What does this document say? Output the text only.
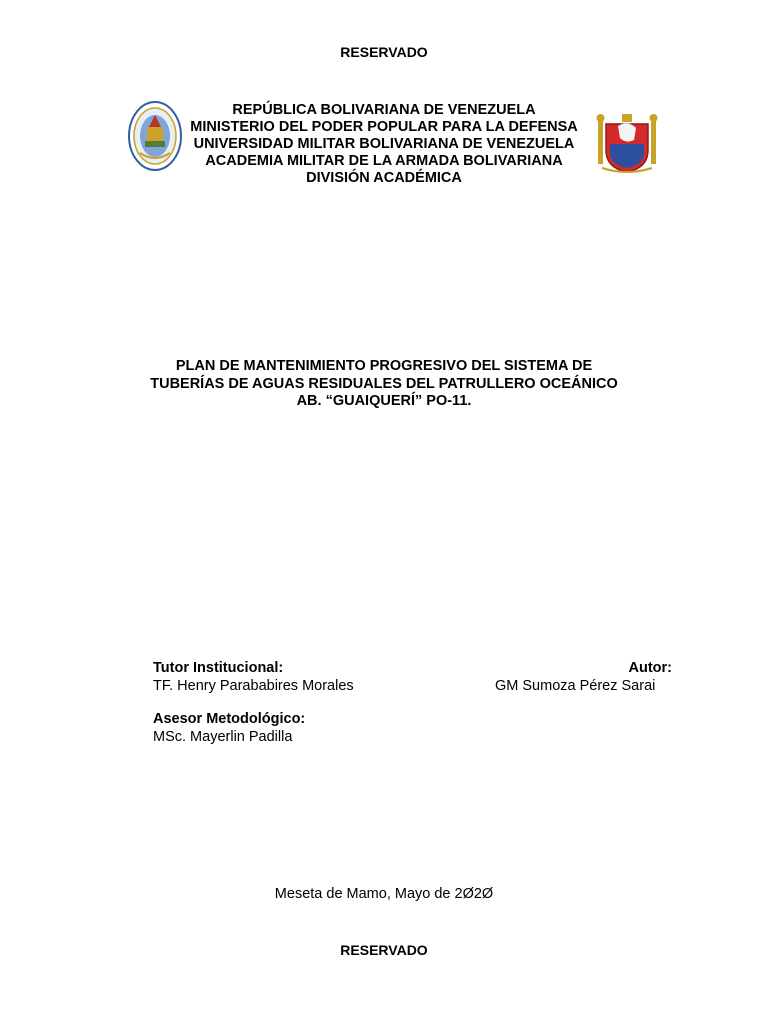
RESERVADO
REPÚBLICA BOLIVARIANA DE VENEZUELA
MINISTERIO DEL PODER POPULAR PARA LA DEFENSA
UNIVERSIDAD MILITAR BOLIVARIANA DE VENEZUELA
ACADEMIA MILITAR DE LA ARMADA BOLIVARIANA
DIVISIÓN ACADÉMICA
PLAN DE MANTENIMIENTO PROGRESIVO DEL SISTEMA DE
TUBERÍAS DE AGUAS RESIDUALES DEL PATRULLERO OCEÁNICO
AB. “GUAIQUERÍ” PO-11.
Tutor Institucional:
TF. Henry Parababires Morales
Autor:
GM Sumoza Pérez Sarai
Asesor Metodológico:
MSc. Mayerlin Padilla
Meseta de Mamo, Mayo de 2Ø2Ø
RESERVADO
